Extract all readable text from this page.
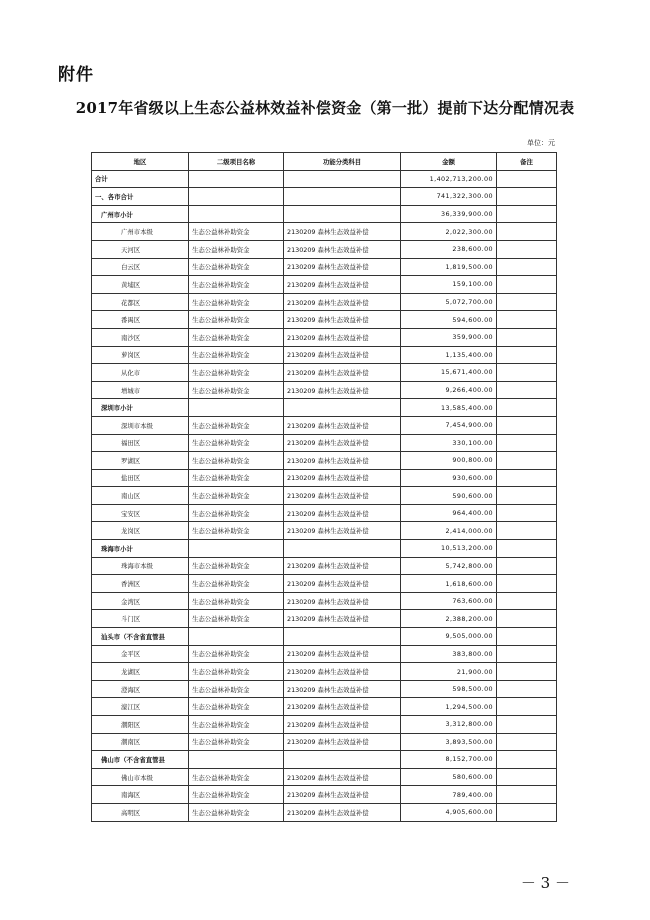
附件
2017年省级以上生态公益林效益补偿资金（第一批）提前下达分配情况表
单位：元
地区	二级项目名称	功能分类科目	金额	备注
合计			1,402,713,200.00	
一、各市合计			741,322,300.00	
广州市小计			36,339,900.00	
广州市本级	生态公益林补助资金	2130209 森林生态效益补偿	2,022,300.00	
天河区	生态公益林补助资金	2130209 森林生态效益补偿	238,600.00	
白云区	生态公益林补助资金	2130209 森林生态效益补偿	1,819,500.00	
黄埔区	生态公益林补助资金	2130209 森林生态效益补偿	159,100.00	
花都区	生态公益林补助资金	2130209 森林生态效益补偿	5,072,700.00	
番禺区	生态公益林补助资金	2130209 森林生态效益补偿	594,600.00	
南沙区	生态公益林补助资金	2130209 森林生态效益补偿	359,900.00	
萝岗区	生态公益林补助资金	2130209 森林生态效益补偿	1,135,400.00	
从化市	生态公益林补助资金	2130209 森林生态效益补偿	15,671,400.00	
增城市	生态公益林补助资金	2130209 森林生态效益补偿	9,266,400.00	
深圳市小计			13,585,400.00	
深圳市本级	生态公益林补助资金	2130209 森林生态效益补偿	7,454,900.00	
福田区	生态公益林补助资金	2130209 森林生态效益补偿	330,100.00	
罗湖区	生态公益林补助资金	2130209 森林生态效益补偿	900,800.00	
盐田区	生态公益林补助资金	2130209 森林生态效益补偿	930,600.00	
南山区	生态公益林补助资金	2130209 森林生态效益补偿	590,600.00	
宝安区	生态公益林补助资金	2130209 森林生态效益补偿	964,400.00	
龙岗区	生态公益林补助资金	2130209 森林生态效益补偿	2,414,000.00	
珠海市小计			10,513,200.00	
珠海市本级	生态公益林补助资金	2130209 森林生态效益补偿	5,742,800.00	
香洲区	生态公益林补助资金	2130209 森林生态效益补偿	1,618,600.00	
金湾区	生态公益林补助资金	2130209 森林生态效益补偿	763,600.00	
斗门区	生态公益林补助资金	2130209 森林生态效益补偿	2,388,200.00	
汕头市（不含省直管县			9,505,000.00	
金平区	生态公益林补助资金	2130209 森林生态效益补偿	383,800.00	
龙湖区	生态公益林补助资金	2130209 森林生态效益补偿	21,900.00	
澄海区	生态公益林补助资金	2130209 森林生态效益补偿	598,500.00	
濠江区	生态公益林补助资金	2130209 森林生态效益补偿	1,294,500.00	
潮阳区	生态公益林补助资金	2130209 森林生态效益补偿	3,312,800.00	
潮南区	生态公益林补助资金	2130209 森林生态效益补偿	3,893,500.00	
佛山市（不含省直管县			8,152,700.00	
佛山市本级	生态公益林补助资金	2130209 森林生态效益补偿	580,600.00	
南海区	生态公益林补助资金	2130209 森林生态效益补偿	789,400.00	
高明区	生态公益林补助资金	2130209 森林生态效益补偿	4,905,600.00	
－ 3 －
